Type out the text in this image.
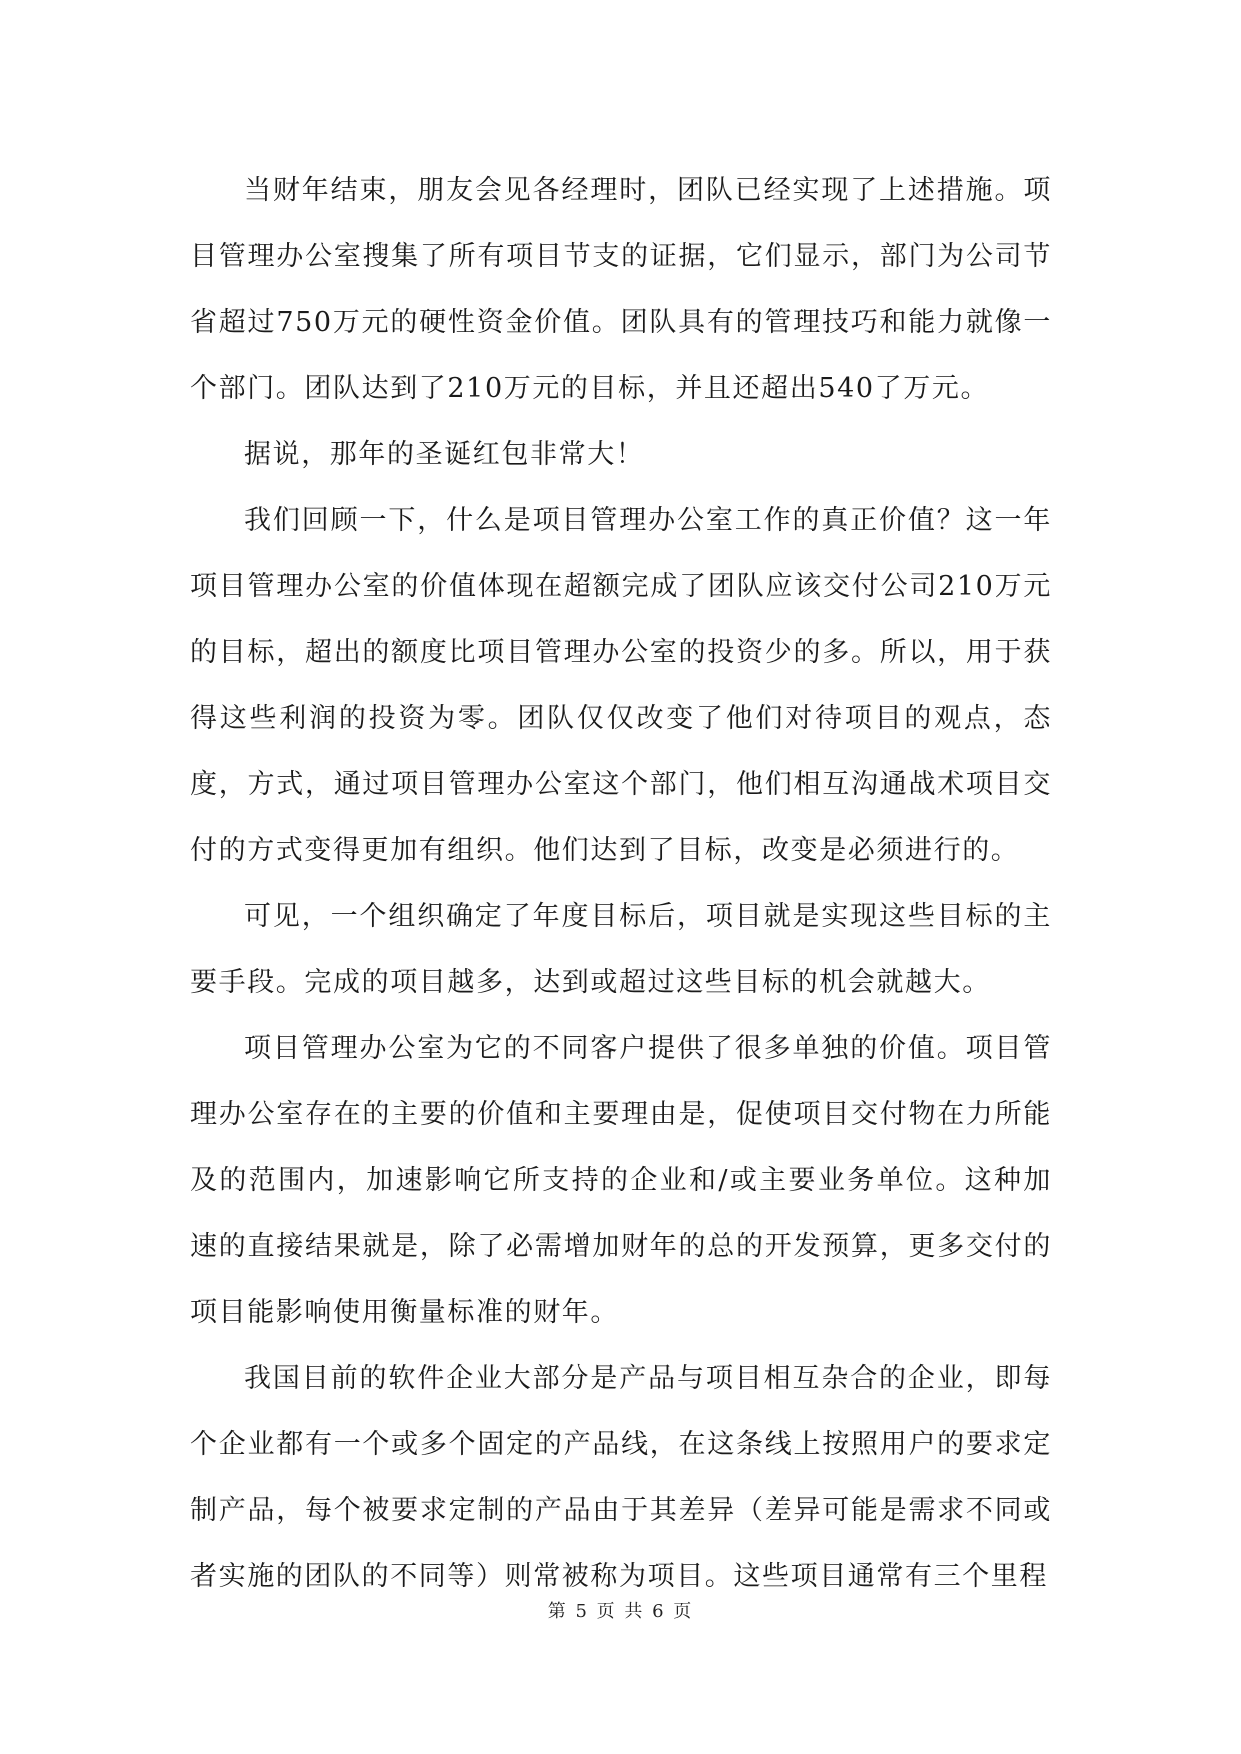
当财年结束，朋友会见各经理时，团队已经实现了上述措施。项目管理办公室搜集了所有项目节支的证据，它们显示，部门为公司节省超过750万元的硬性资金价值。团队具有的管理技巧和能力就像一个部门。团队达到了210万元的目标，并且还超出540了万元。

据说，那年的圣诞红包非常大！

我们回顾一下，什么是项目管理办公室工作的真正价值？这一年项目管理办公室的价值体现在超额完成了团队应该交付公司210万元的目标，超出的额度比项目管理办公室的投资少的多。所以，用于获得这些利润的投资为零。团队仅仅改变了他们对待项目的观点，态度，方式，通过项目管理办公室这个部门，他们相互沟通战术项目交付的方式变得更加有组织。他们达到了目标，改变是必须进行的。

可见，一个组织确定了年度目标后，项目就是实现这些目标的主要手段。完成的项目越多，达到或超过这些目标的机会就越大。

项目管理办公室为它的不同客户提供了很多单独的价值。项目管理办公室存在的主要的价值和主要理由是，促使项目交付物在力所能及的范围内，加速影响它所支持的企业和/或主要业务单位。这种加速的直接结果就是，除了必需增加财年的总的开发预算，更多交付的项目能影响使用衡量标准的财年。

我国目前的软件企业大部分是产品与项目相互杂合的企业，即每个企业都有一个或多个固定的产品线，在这条线上按照用户的要求定制产品，每个被要求定制的产品由于其差异（差异可能是需求不同或者实施的团队的不同等）则常被称为项目。这些项目通常有三个里程

第 5 页 共 6 页
